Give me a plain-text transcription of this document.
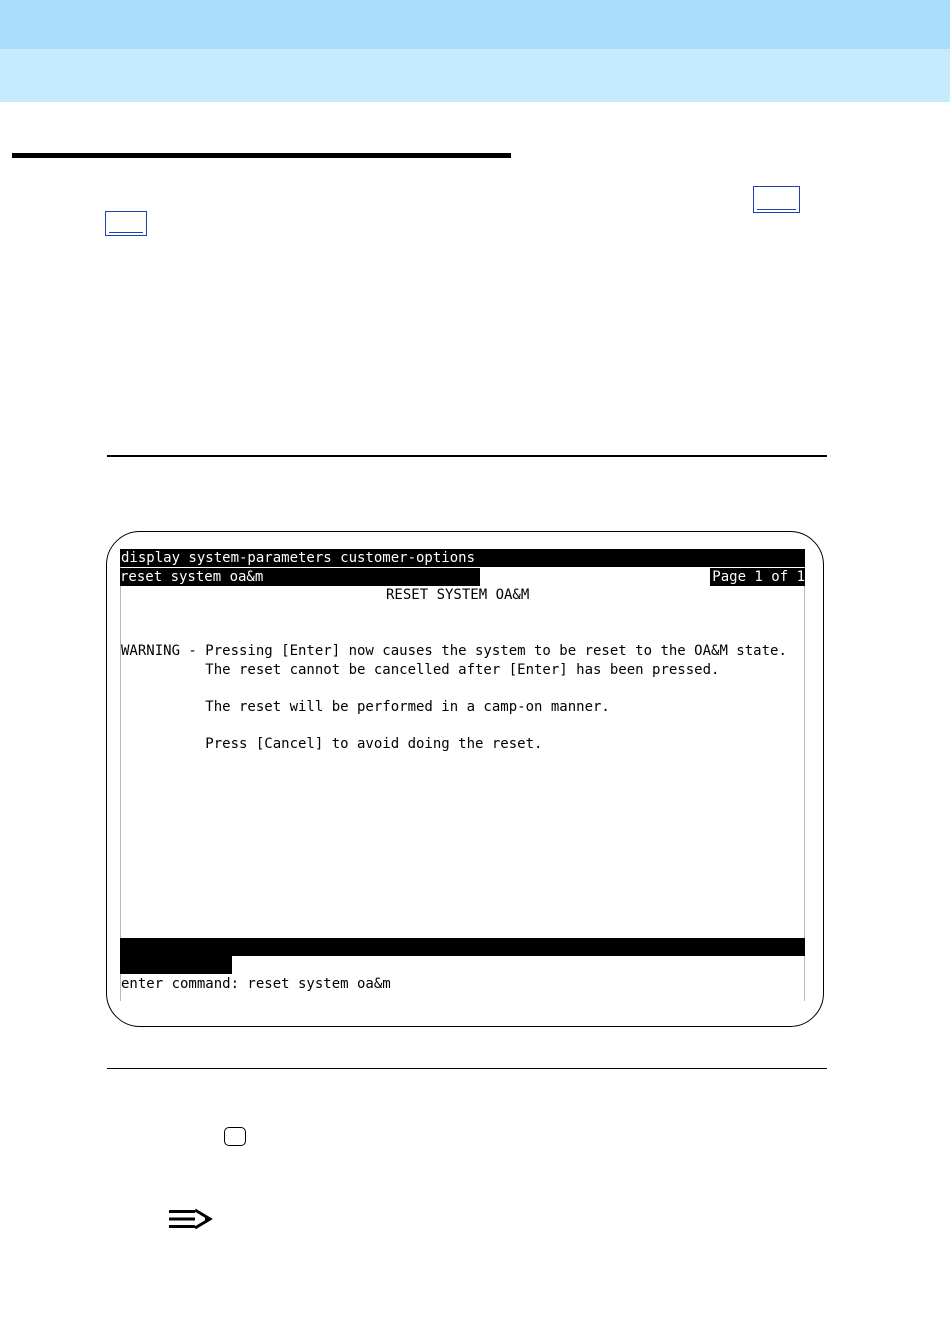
display system-parameters customer-options
reset system oa&m	Page 1 of 1
RESET SYSTEM OA&M
WARNING - Pressing [Enter] now causes the system to be reset to the OA&M state.
The reset cannot be cancelled after [Enter] has been pressed.
The reset will be performed in a camp-on manner.
Press [Cancel] to avoid doing the reset.
enter command: reset system oa&m
